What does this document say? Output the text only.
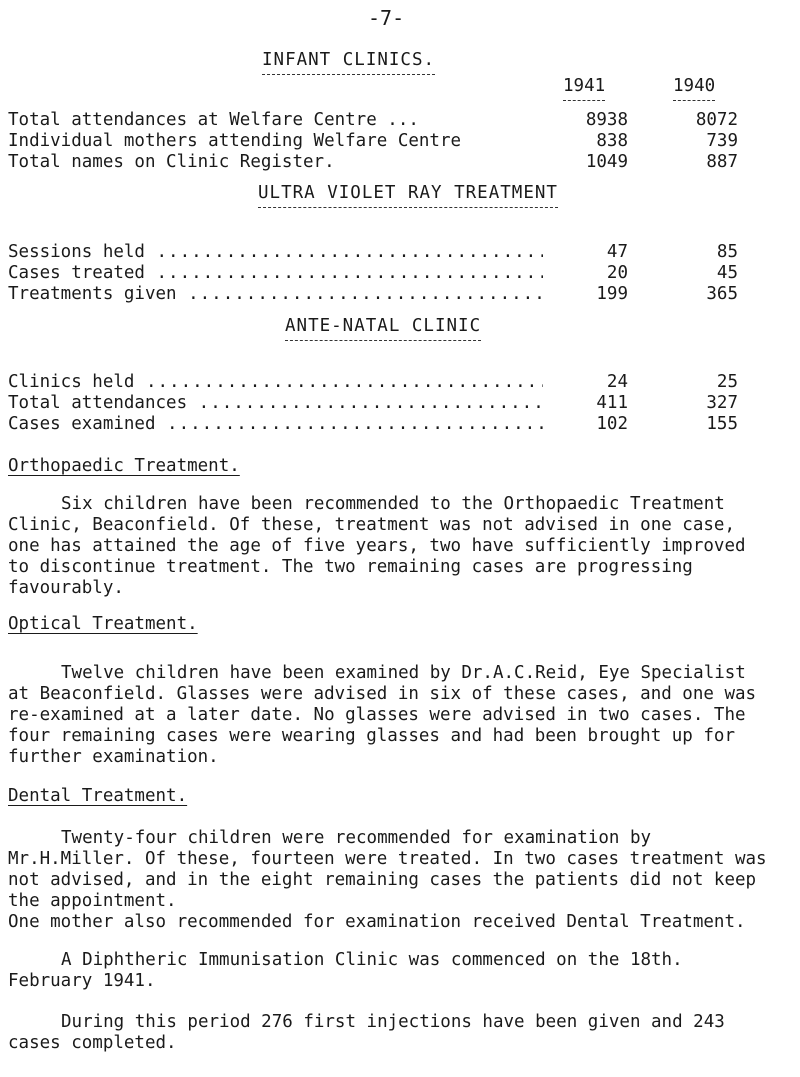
-7-
INFANT CLINICS.
1941	1940
Total attendances at Welfare Centre ...	8938	8072
Individual mothers attending Welfare Centre	838	739
Total names on Clinic Register.	1049	887
ULTRA VIOLET RAY TREATMENT
Sessions held .....	47	85
Cases treated .....	20	45
Treatments given .....	199	365
ANTE-NATAL CLINIC
Clinics held .....	24	25
Total attendances .....	411	327
Cases examined .....	102	155
Orthopaedic Treatment.

Six children have been recommended to the Orthopaedic Treatment Clinic, Beaconfield. Of these, treatment was not advised in one case, one has attained the age of five years, two have sufficiently improved to discontinue treatment. The two remaining cases are progressing favourably.

Optical Treatment.

Twelve children have been examined by Dr.A.C.Reid, Eye Specialist at Beaconfield. Glasses were advised in six of these cases, and one was re-examined at a later date. No glasses were advised in two cases. The four remaining cases were wearing glasses and had been brought up for further examination.

Dental Treatment.

Twenty-four children were recommended for examination by Mr.H.Miller. Of these, fourteen were treated. In two cases treatment was not advised, and in the eight remaining cases the patients did not keep the appointment.

One mother also recommended for examination received Dental Treatment.

A Diphtheric Immunisation Clinic was commenced on the 18th. February 1941.

During this period 276 first injections have been given and 243 cases completed.
